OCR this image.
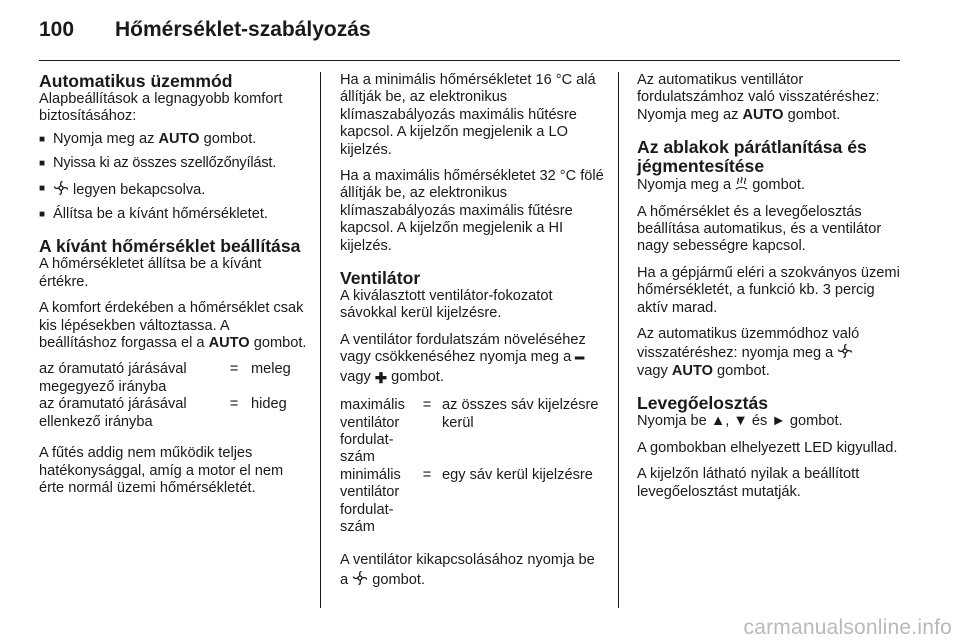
100	Hőmérséklet-szabályozás
Automatikus üzemmód

Alapbeállítások a legnagyobb komfort biztosításához:

■ Nyomja meg az AUTO gombot.
■ Nyissa ki az összes szellőzőnyílást.
■	legyen bekapcsolva.
■ Állítsa be a kívánt hőmérsékletet.
A kívánt hőmérséklet beállítása

A hőmérsékletet állítsa be a kívánt értékre.

A komfort érdekében a hőmérséklet csak kis lépésekben változtassa. A beállításhoz forgassa el a AUTO gombot.

az óramutató járásával megegyező irányba	=	meleg
az óramutató járásával ellenkező irányba	=	hideg

A fűtés addig nem működik teljes hatékonysággal, amíg a motor el nem érte normál üzemi hőmérsékletét.

Ha a minimális hőmérsékletet 16 °C alá állítják be, az elektronikus klímaszabályozás maximális hűtésre kapcsol. A kijelzőn megjelenik a LO kijelzés.

Ha a maximális hőmérsékletet 32 °C fölé állítják be, az elektronikus klímaszabályozás maximális fűtésre kapcsol. A kijelzőn megjelenik a HI kijelzés.

Ventilátor

A kiválasztott ventilátor-fokozatot sávokkal kerül kijelzésre.

A ventilátor fordulatszám növeléséhez vagy csökkenéséhez nyomja meg a ━ vagy ✚ gombot.

maximális ventilátor fordulat-szám	=	az összes sáv kijelzésre kerül
minimális ventilátor fordulat-szám	=	egy sáv kerül kijelzésre

A ventilátor kikapcsolásához nyomja be a  gombot.

Az automatikus ventillátor fordulatszámhoz való visszatéréshez: Nyomja meg az AUTO gombot.

Az ablakok párátlanítása és jégmentesítése

Nyomja meg a  gombot.

A hőmérséklet és a levegőelosztás beállítása automatikus, és a ventilátor nagy sebességre kapcsol.

Ha a gépjármű eléri a szokványos üzemi hőmérsékletét, a funkció kb. 3 percig aktív marad.

Az automatikus üzemmódhoz való visszatéréshez: nyomja meg a
vagy AUTO gombot.

Levegőelosztás

Nyomja be ▲, ▼ és ► gombot.

A gombokban elhelyezett LED kigyullad.

A kijelzőn látható nyilak a beállított levegőelosztást mutatják.

carmanualsonline.info
